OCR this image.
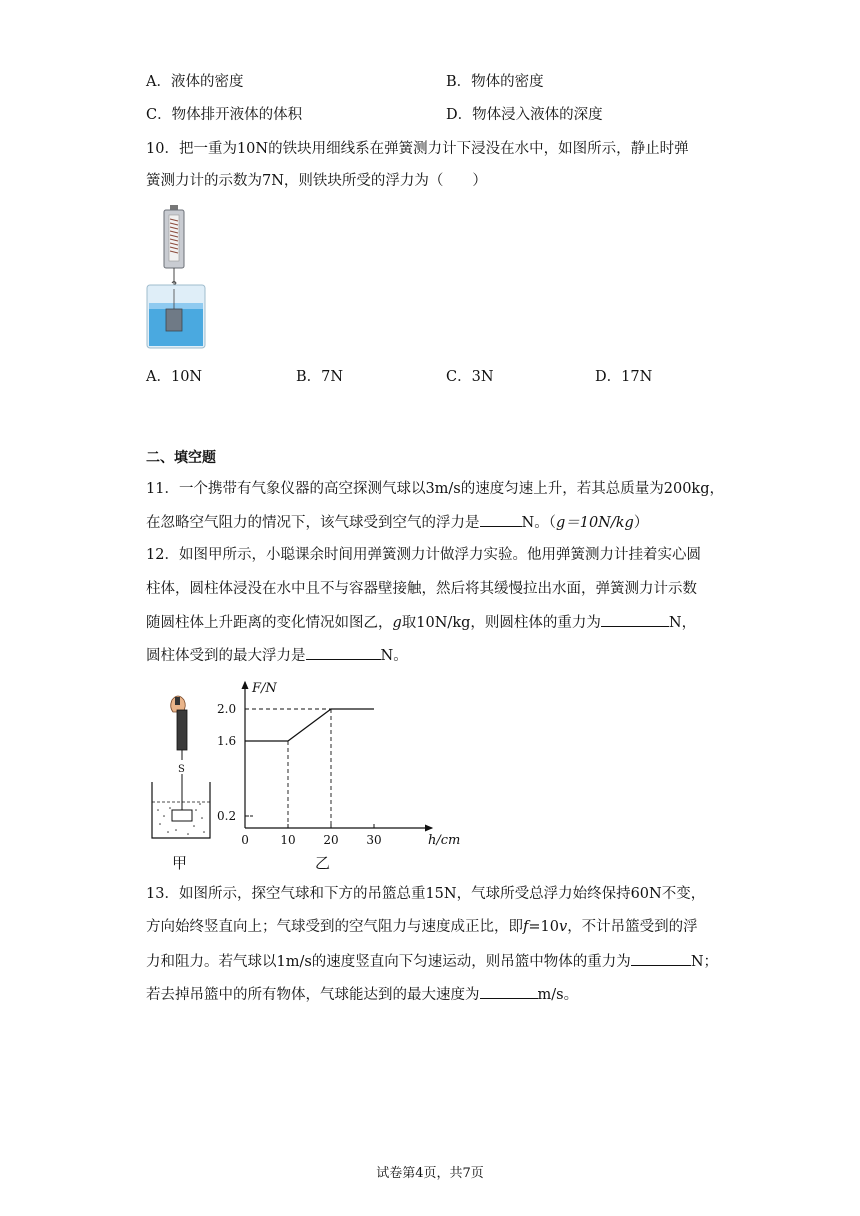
A．液体的密度	B．物体的密度
C．物体排开液体的体积	D．物体浸入液体的深度
10．把一重为10N的铁块用细线系在弹簧测力计下浸没在水中，如图所示，静止时弹
簧测力计的示数为7N，则铁块所受的浮力为（　　）
A．10N	B．7N	C．3N	D．17N
二、填空题
11．一个携带有气象仪器的高空探测气球以3m/s的速度匀速上升，若其总质量为200kg，
在忽略空气阻力的情况下，该气球受到空气的浮力是	N。（g＝10N/kg）
12．如图甲所示，小聪课余时间用弹簧测力计做浮力实验。他用弹簧测力计挂着实心圆
柱体，圆柱体浸没在水中且不与容器壁接触，然后将其缓慢拉出水面，弹簧测力计示数
随圆柱体上升距离的变化情况如图乙，g取10N/kg，则圆柱体的重力为	N，
圆柱体受到的最大浮力是	N。
S
甲
F/N
h/cm
0	10 20 30
0.2
1.6
2.0
乙
13．如图所示，探空气球和下方的吊篮总重15N，气球所受总浮力始终保持60N不变，
方向始终竖直向上；气球受到的空气阻力与速度成正比，即f=10v，不计吊篮受到的浮
力和阻力。若气球以1m/s的速度竖直向下匀速运动，则吊篮中物体的重力为	N；
若去掉吊篮中的所有物体，气球能达到的最大速度为	m/s。
试卷第4页，共7页
